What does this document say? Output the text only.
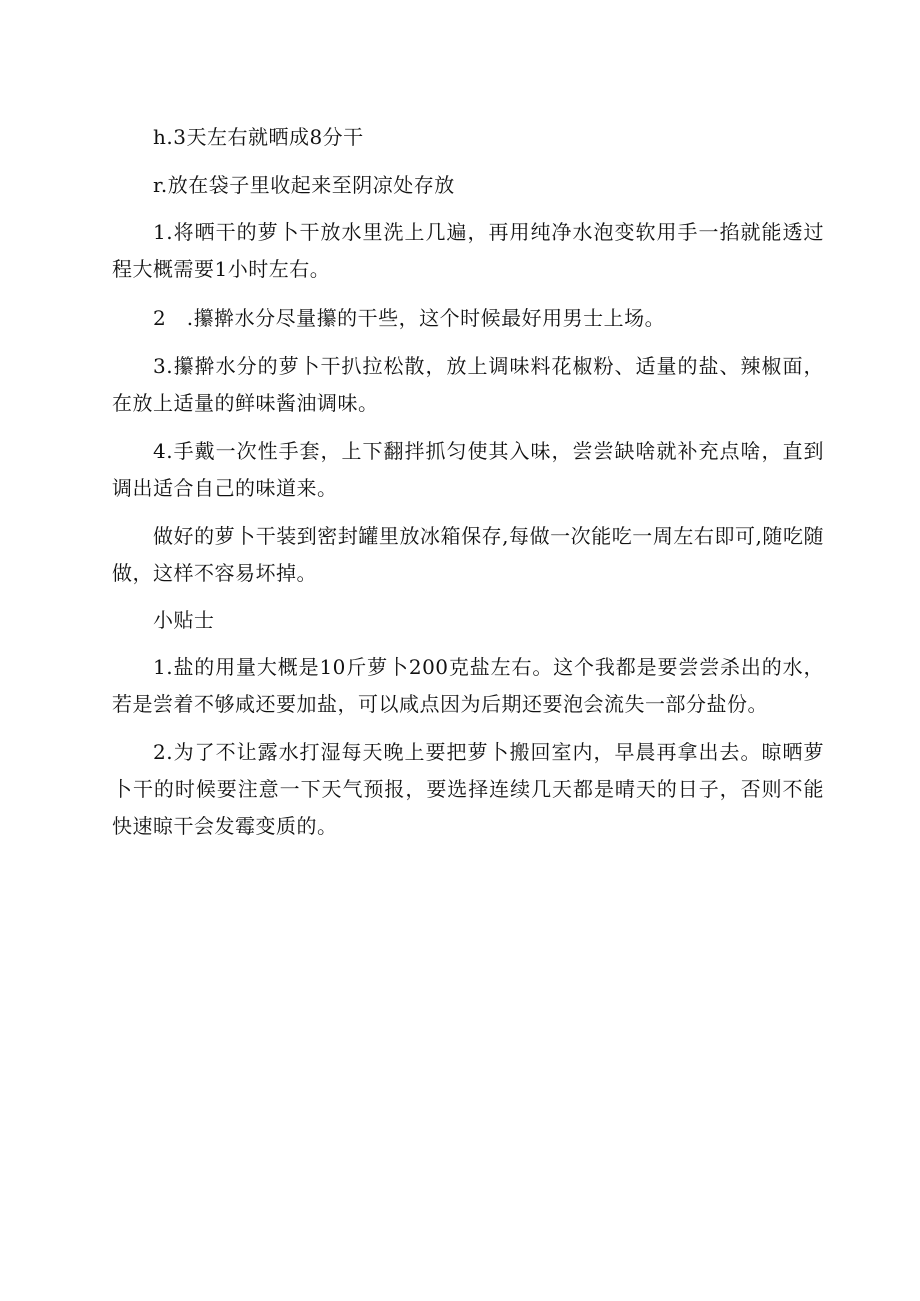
h.3天左右就晒成8分干

r.放在袋子里收起来至阴凉处存放

1.将晒干的萝卜干放水里洗上几遍，再用纯净水泡变软用手一掐就能透过程大概需要1小时左右。

2　.攥擀水分尽量攥的干些，这个时候最好用男士上场。

3.攥擀水分的萝卜干扒拉松散，放上调味料花椒粉、适量的盐、辣椒面，在放上适量的鲜味酱油调味。

4.手戴一次性手套，上下翻拌抓匀使其入味，尝尝缺啥就补充点啥，直到调出适合自己的味道来。

做好的萝卜干装到密封罐里放冰箱保存,每做一次能吃一周左右即可,随吃随做，这样不容易坏掉。

小贴士

1.盐的用量大概是10斤萝卜200克盐左右。这个我都是要尝尝杀出的水，若是尝着不够咸还要加盐，可以咸点因为后期还要泡会流失一部分盐份。

2.为了不让露水打湿每天晚上要把萝卜搬回室内，早晨再拿出去。晾晒萝卜干的时候要注意一下天气预报，要选择连续几天都是晴天的日子，否则不能快速晾干会发霉变质的。
